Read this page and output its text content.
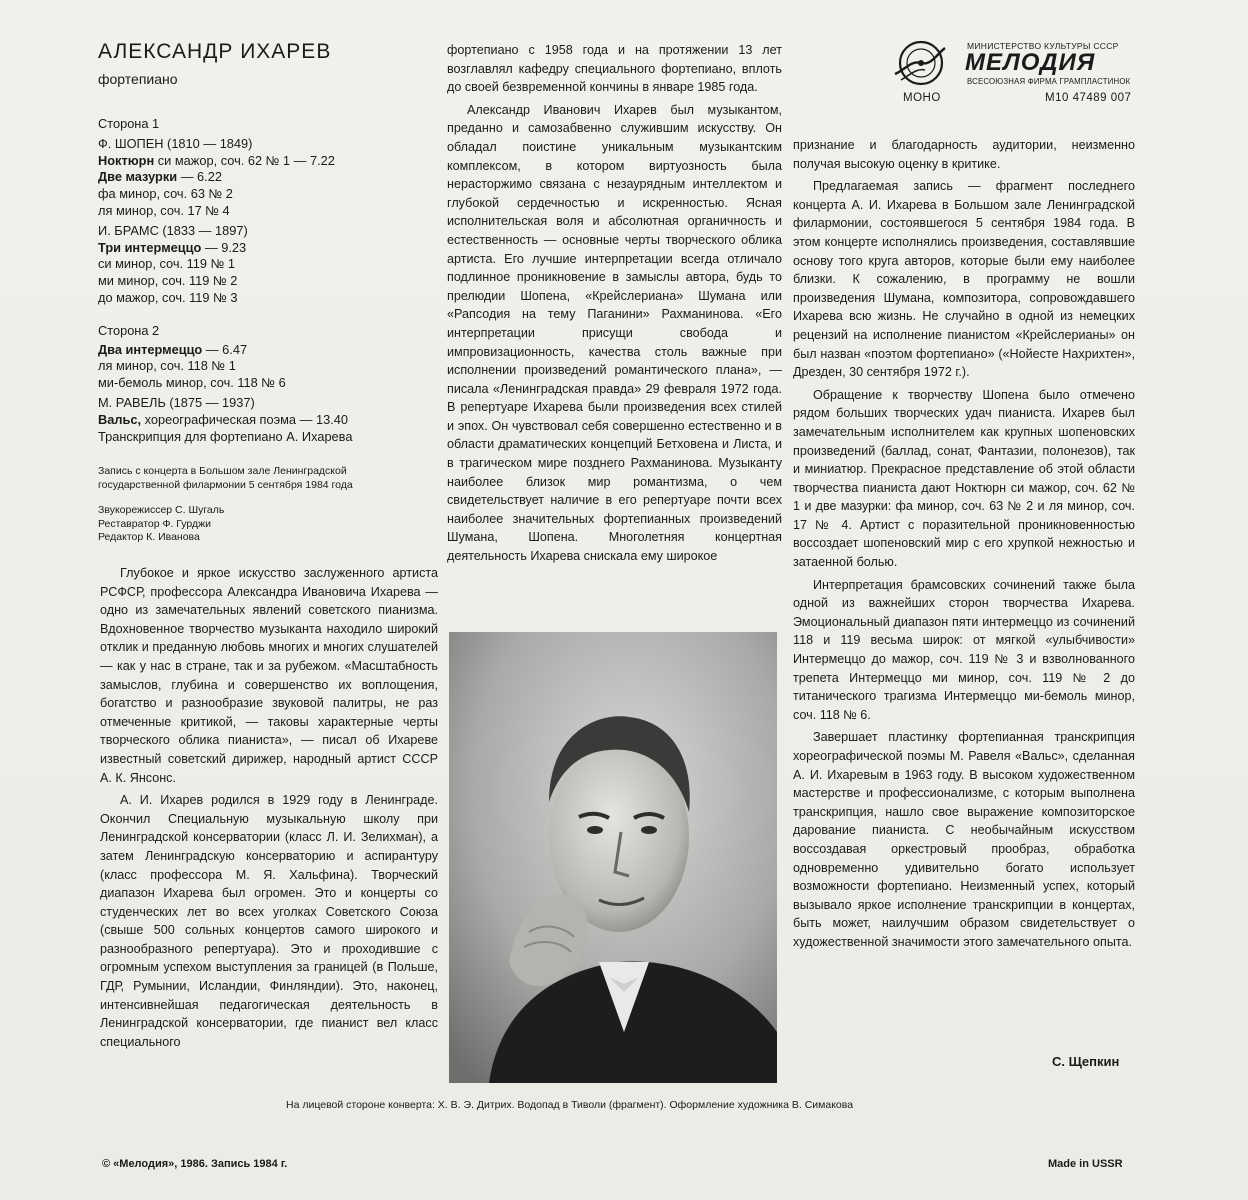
АЛЕКСАНДР ИХАРЕВ
фортепиано
Сторона 1
Ф. ШОПЕН (1810 — 1849)
Ноктюрн си мажор, соч. 62 № 1 — 7.22
Две мазурки — 6.22
фа минор, соч. 63 № 2
ля минор, соч. 17 № 4
И. БРАМС (1833 — 1897)
Три интермеццо — 9.23
си минор, соч. 119 № 1
ми минор, соч. 119 № 2
до мажор, соч. 119 № 3
Сторона 2
Два интермеццо — 6.47
ля минор, соч. 118 № 1
ми-бемоль минор, соч. 118 № 6
М. РАВЕЛЬ (1875 — 1937)
Вальс, хореографическая поэма — 13.40
Транскрипция для фортепиано А. Ихарева
Запись с концерта в Большом зале Ленинградской
государственной филармонии 5 сентября 1984 года
Звукорежиссер С. Шугаль
Реставратор Ф. Гурджи
Редактор К. Иванова
МИНИСТЕРСТВО КУЛЬТУРЫ СССР
МЕЛОДИЯ
ВСЕСОЮЗНАЯ ФИРМА ГРАМПЛАСТИНОК
МОНО	М10 47489 007

Глубокое и яркое искусство заслуженного артиста РСФСР, профессора Александра Ивановича Ихарева — одно из замечательных явлений советского пианизма. Вдохновенное творчество музыканта находило широкий отклик и преданную любовь многих и многих слушателей — как у нас в стране, так и за рубежом. «Масштабность замыслов, глубина и совершенство их воплощения, богатство и разнообразие звуковой палитры, не раз отмеченные критикой, — таковы характерные черты творческого облика пианиста», — писал об Ихареве известный советский дирижер, народный артист СССР А. К. Янсонс.

А. И. Ихарев родился в 1929 году в Ленинграде. Окончил Специальную музыкальную школу при Ленинградской консерватории (класс Л. И. Зелихман), а затем Ленинградскую консерваторию и аспирантуру (класс профессора М. Я. Хальфина). Творческий диапазон Ихарева был огромен. Это и концерты со студенческих лет во всех уголках Советского Союза (свыше 500 сольных концертов самого широкого и разнообразного репертуара). Это и проходившие с огромным успехом выступления за границей (в Польше, ГДР, Румынии, Исландии, Финляндии). Это, наконец, интенсивнейшая педагогическая деятельность в Ленинградской консерватории, где пианист вел класс специального

фортепиано с 1958 года и на протяжении 13 лет возглавлял кафедру специального фортепиано, вплоть до своей безвременной кончины в январе 1985 года.

Александр Иванович Ихарев был музыкантом, преданно и самозабвенно служившим искусству. Он обладал поистине уникальным музыкантским комплексом, в котором виртуозность была нерасторжимо связана с незаурядным интеллектом и глубокой сердечностью и искренностью. Ясная исполнительская воля и абсолютная органичность и естественность — основные черты творческого облика артиста. Его лучшие интерпретации всегда отличало подлинное проникновение в замыслы автора, будь то прелюдии Шопена, «Крейслериана» Шумана или «Рапсодия на тему Паганини» Рахманинова. «Его интерпретации присущи свобода и импровизационность, качества столь важные при исполнении произведений романтического плана», — писала «Ленинградская правда» 29 февраля 1972 года. В репертуаре Ихарева были произведения всех стилей и эпох. Он чувствовал себя совершенно естественно и в области драматических концепций Бетховена и Листа, и в трагическом мире позднего Рахманинова. Музыканту наиболее близок мир романтизма, о чем свидетельствует наличие в его репертуаре почти всех наиболее значительных фортепианных произведений Шумана, Шопена. Многолетняя концертная деятельность Ихарева снискала ему широкое

признание и благодарность аудитории, неизменно получая высокую оценку в критике.

Предлагаемая запись — фрагмент последнего концерта А. И. Ихарева в Большом зале Ленинградской филармонии, состоявшегося 5 сентября 1984 года. В этом концерте исполнялись произведения, составлявшие основу того круга авторов, которые были ему наиболее близки. К сожалению, в программу не вошли произведения Шумана, композитора, сопровождавшего Ихарева всю жизнь. Не случайно в одной из немецких рецензий на исполнение пианистом «Крейслерианы» он был назван «поэтом фортепиано» («Нойесте Нахрихтен», Дрезден, 30 сентября 1972 г.).

Обращение к творчеству Шопена было отмечено рядом больших творческих удач пианиста. Ихарев был замечательным исполнителем как крупных шопеновских произведений (баллад, сонат, Фантазии, полонезов), так и миниатюр. Прекрасное представление об этой области творчества пианиста дают Ноктюрн си мажор, соч. 62 № 1 и две мазурки: фа минор, соч. 63 № 2 и ля минор, соч. 17 № 4. Артист с поразительной проникновенностью воссоздает шопеновский мир с его хрупкой нежностью и затаенной болью.

Интерпретация брамсовских сочинений также была одной из важнейших сторон творчества Ихарева. Эмоциональный диапазон пяти интермеццо из сочинений 118 и 119 весьма широк: от мягкой «улыбчивости» Интермеццо до мажор, соч. 119 № 3 и взволнованного трепета Интермеццо ми минор, соч. 119 № 2 до титанического трагизма Интермеццо ми-бемоль минор, соч. 118 № 6.

Завершает пластинку фортепианная транскрипция хореографической поэмы М. Равеля «Вальс», сделанная А. И. Ихаревым в 1963 году. В высоком художественном мастерстве и профессионализме, с которым выполнена транскрипция, нашло свое выражение композиторское дарование пианиста. С необычайным искусством воссоздавая оркестровый прообраз, обработка одновременно удивительно богато использует возможности фортепиано. Неизменный успех, который вызывало яркое исполнение транскрипции в концертах, быть может, наилучшим образом свидетельствует о художественной значимости этого замечательного опыта.

С. Щепкин
На лицевой стороне конверта: Х. В. Э. Дитрих. Водопад в Тиволи (фрагмент). Оформление художника В. Симакова
© «Мелодия», 1986. Запись 1984 г.	Made in USSR
